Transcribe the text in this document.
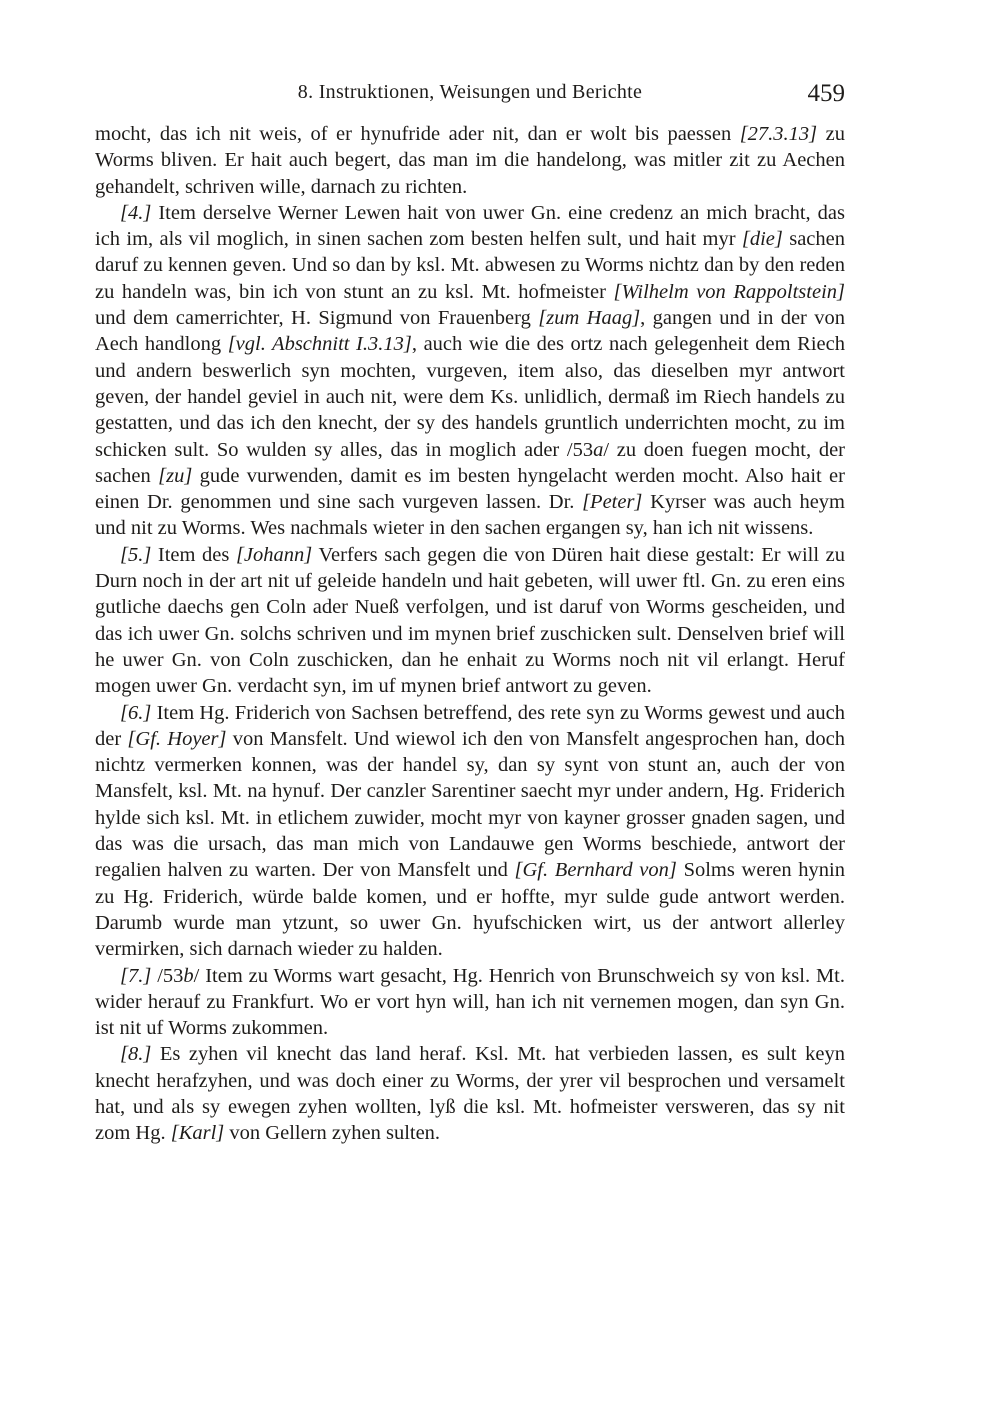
8. Instruktionen, Weisungen und Berichte	459

mocht, das ich nit weis, of er hynufride ader nit, dan er wolt bis paessen [27.3.13] zu Worms bliven. Er hait auch begert, das man im die handelong, was mitler zit zu Aechen gehandelt, schriven wille, darnach zu richten.

[4.] Item derselve Werner Lewen hait von uwer Gn. eine credenz an mich bracht, das ich im, als vil moglich, in sinen sachen zom besten helfen sult, und hait myr [die] sachen daruf zu kennen geven. Und so dan by ksl. Mt. abwesen zu Worms nichtz dan by den reden zu handeln was, bin ich von stunt an zu ksl. Mt. hofmeister [Wilhelm von Rappoltstein] und dem camerrichter, H. Sigmund von Frauenberg [zum Haag], gangen und in der von Aech handlong [vgl. Abschnitt I.3.13], auch wie die des ortz nach gelegenheit dem Riech und andern beswerlich syn mochten, vurgeven, item also, das dieselben myr antwort geven, der handel geviel in auch nit, were dem Ks. unlidlich, dermaß im Riech handels zu gestatten, und das ich den knecht, der sy des handels gruntlich underrichten mocht, zu im schicken sult. So wulden sy alles, das in moglich ader /53a/ zu doen fuegen mocht, der sachen [zu] gude vurwenden, damit es im besten hyngelacht werden mocht. Also hait er einen Dr. genommen und sine sach vurgeven lassen. Dr. [Peter] Kyrser was auch heym und nit zu Worms. Wes nachmals wieter in den sachen ergangen sy, han ich nit wissens.

[5.] Item des [Johann] Verfers sach gegen die von Düren hait diese gestalt: Er will zu Durn noch in der art nit uf geleide handeln und hait gebeten, will uwer ftl. Gn. zu eren eins gutliche daechs gen Coln ader Nueß verfolgen, und ist daruf von Worms gescheiden, und das ich uwer Gn. solchs schriven und im mynen brief zuschicken sult. Denselven brief will he uwer Gn. von Coln zuschicken, dan he enhait zu Worms noch nit vil erlangt. Heruf mogen uwer Gn. verdacht syn, im uf mynen brief antwort zu geven.

[6.] Item Hg. Friderich von Sachsen betreffend, des rete syn zu Worms gewest und auch der [Gf. Hoyer] von Mansfelt. Und wiewol ich den von Mansfelt angesprochen han, doch nichtz vermerken konnen, was der handel sy, dan sy synt von stunt an, auch der von Mansfelt, ksl. Mt. na hynuf. Der canzler Sarentiner saecht myr under andern, Hg. Friderich hylde sich ksl. Mt. in etlichem zuwider, mocht myr von kayner grosser gnaden sagen, und das was die ursach, das man mich von Landauwe gen Worms beschiede, antwort der regalien halven zu warten. Der von Mansfelt und [Gf. Bernhard von] Solms weren hynin zu Hg. Friderich, würde balde komen, und er hoffte, myr sulde gude antwort werden. Darumb wurde man ytzunt, so uwer Gn. hyufschicken wirt, us der antwort allerley vermirken, sich darnach wieder zu halden.

[7.] /53b/ Item zu Worms wart gesacht, Hg. Henrich von Brunschweich sy von ksl. Mt. wider herauf zu Frankfurt. Wo er vort hyn will, han ich nit vernemen mogen, dan syn Gn. ist nit uf Worms zukommen.

[8.] Es zyhen vil knecht das land heraf. Ksl. Mt. hat verbieden lassen, es sult keyn knecht herafzyhen, und was doch einer zu Worms, der yrer vil besprochen und versamelt hat, und als sy ewegen zyhen wollten, lyß die ksl. Mt. hofmeister versweren, das sy nit zom Hg. [Karl] von Gellern zyhen sulten.
